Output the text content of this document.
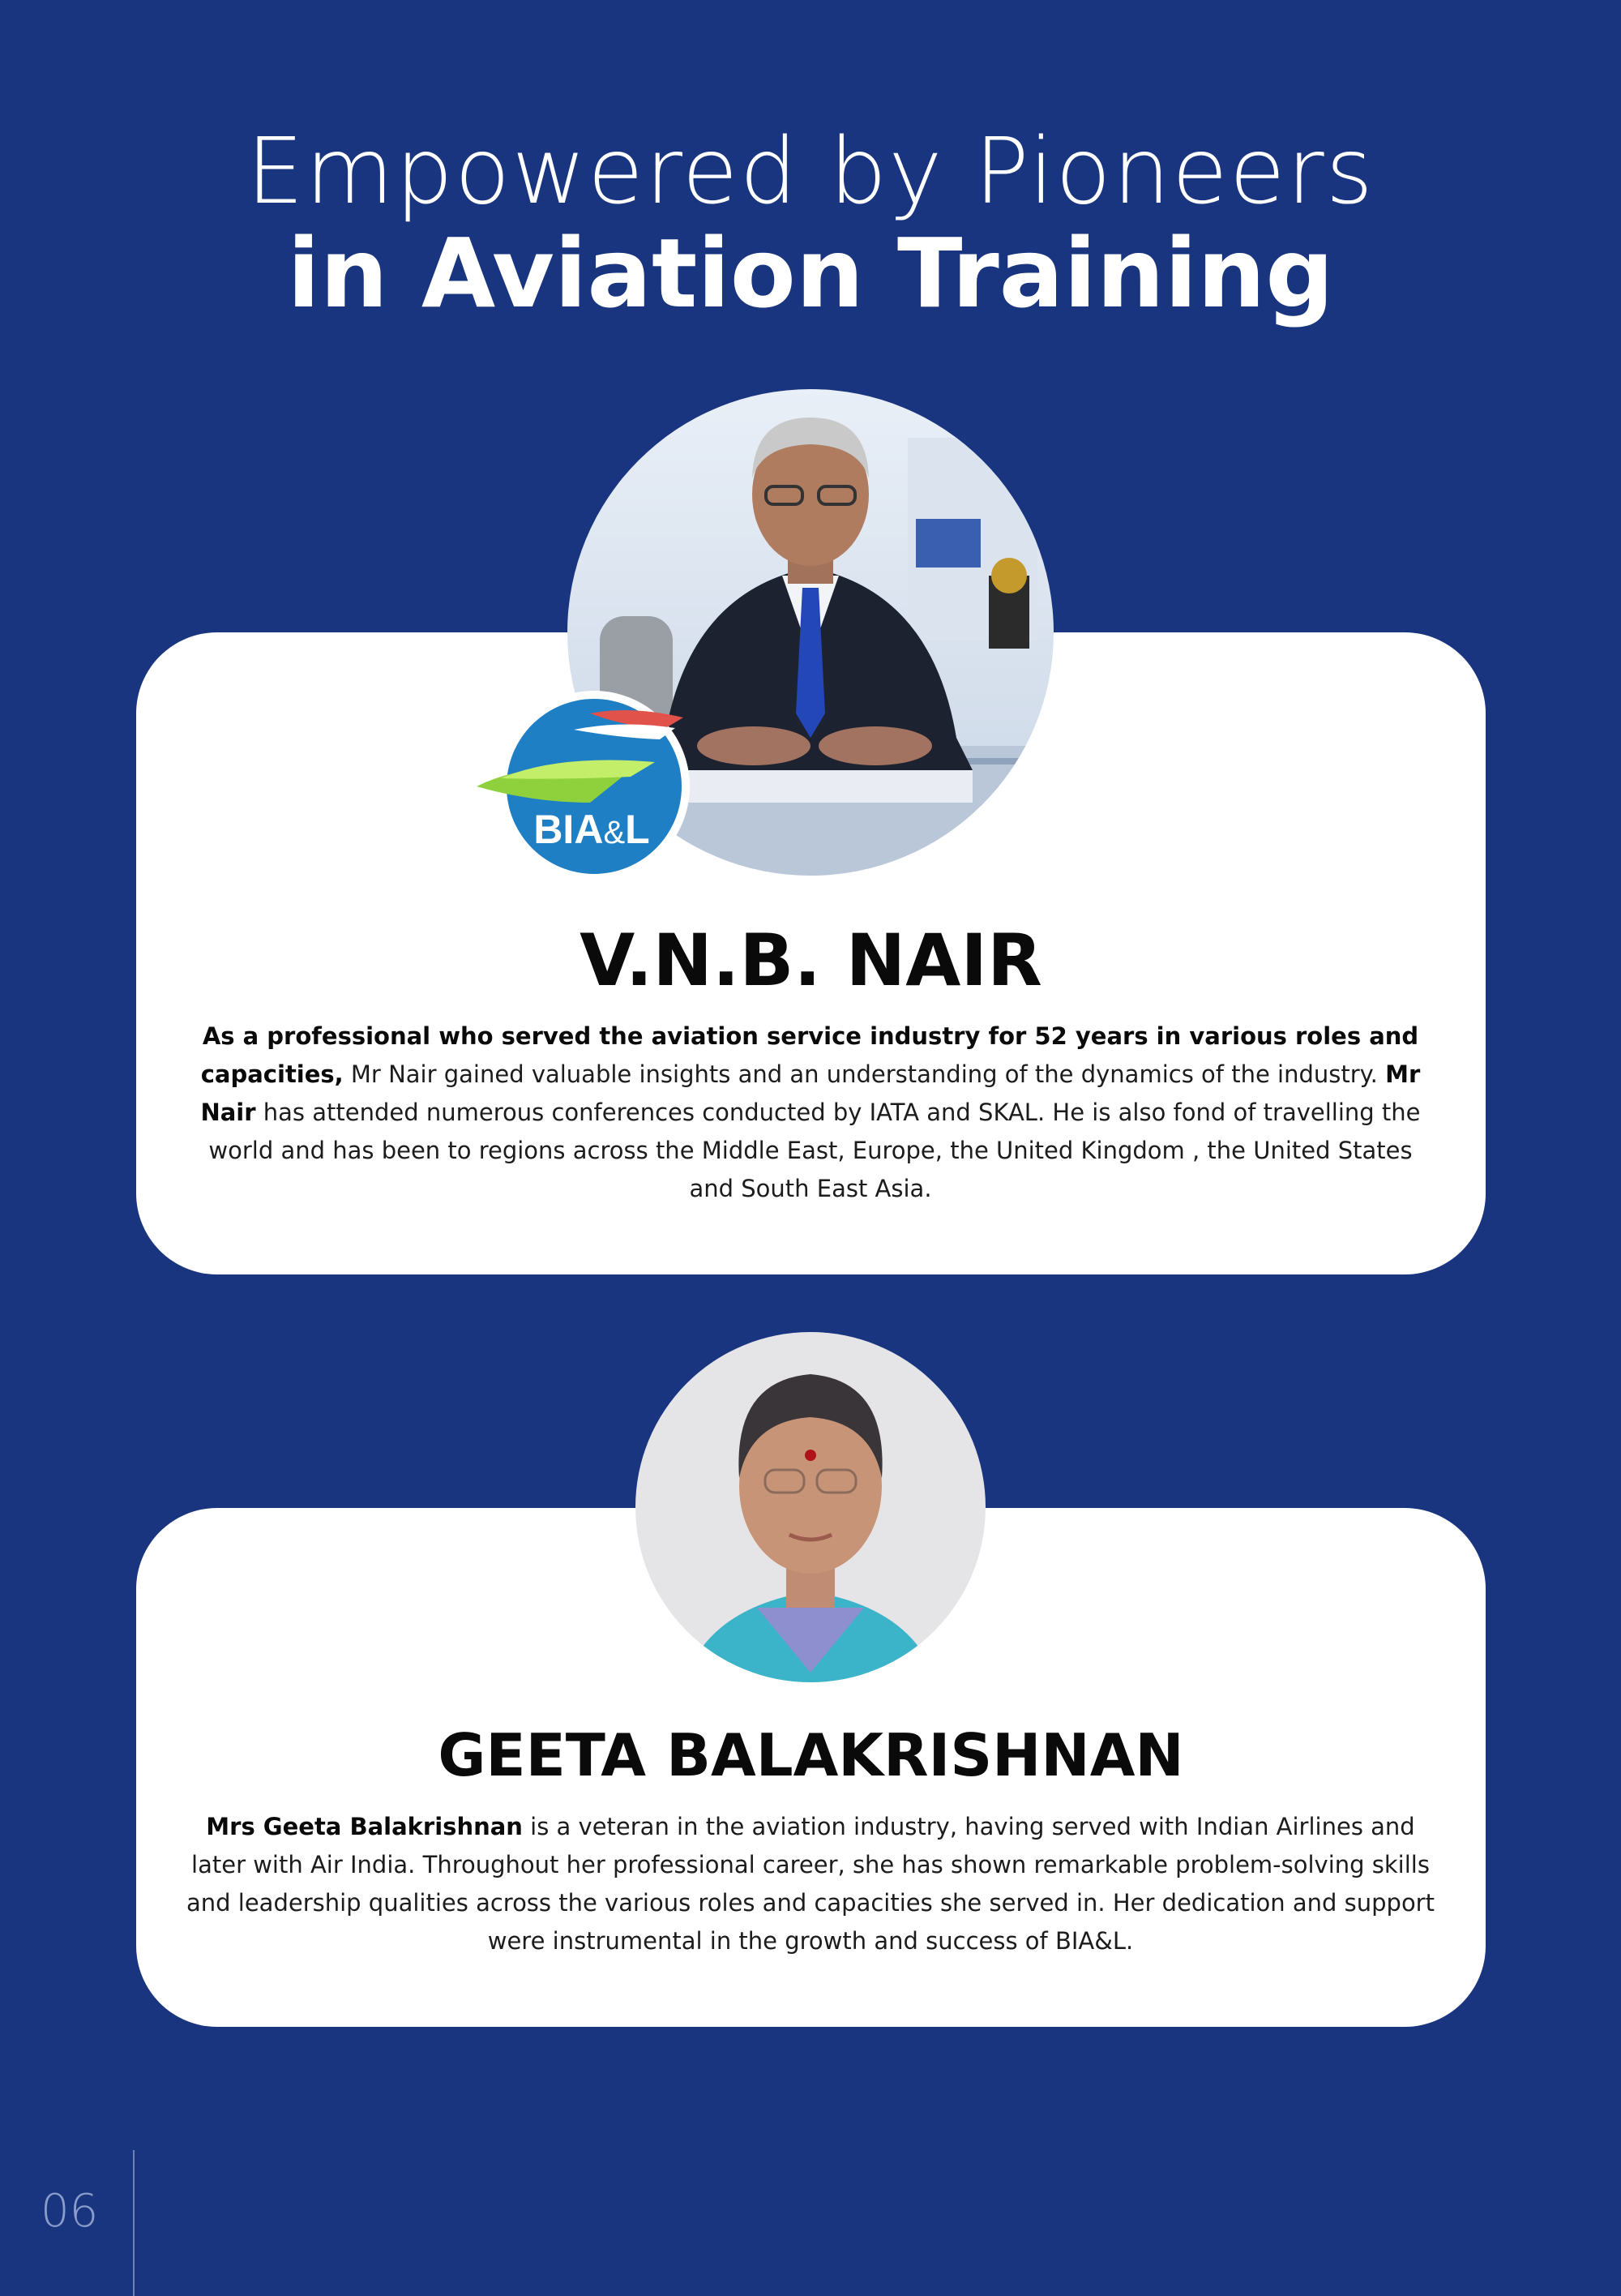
Empowered by Pioneers
in Aviation Training
BIA&L
V.N.B. NAIR

As a professional who served the aviation service industry for 52 years in various roles and capacities, Mr Nair gained valuable insights and an understanding of the dynamics of the industry. Mr Nair has attended numerous conferences conducted by IATA and SKAL. He is also fond of travelling the world and has been to regions across the Middle East, Europe, the United Kingdom , the United States and South East Asia.

GEETA BALAKRISHNAN

Mrs Geeta Balakrishnan is a veteran in the aviation industry, having served with Indian Airlines and later with Air India. Throughout her professional career, she has shown remarkable problem-solving skills and leadership qualities across the various roles and capacities she served in. Her dedication and support were instrumental in the growth and success of BIA&L.

06
